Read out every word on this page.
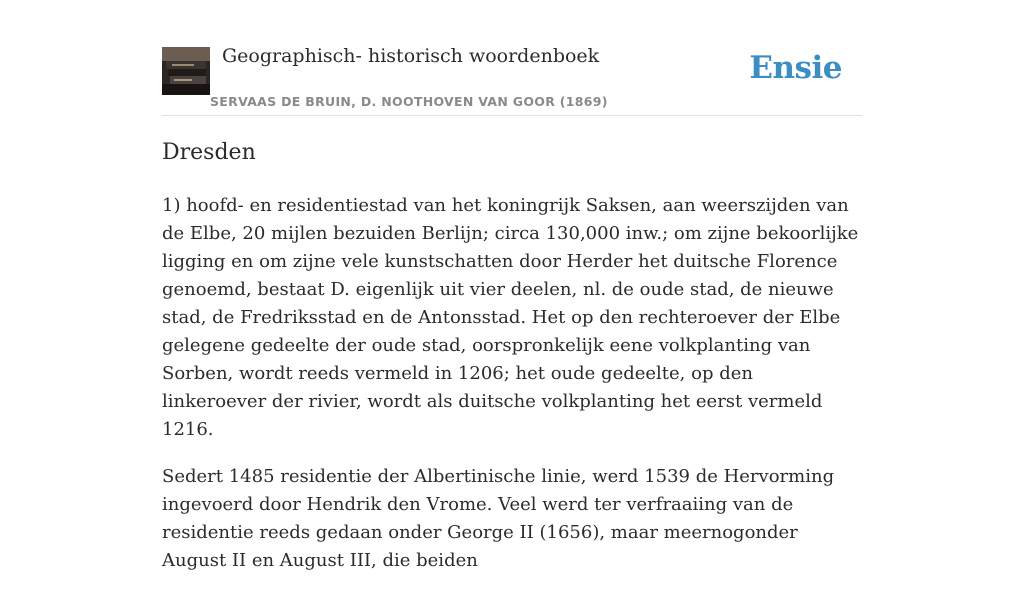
Geographisch- historisch woordenboek
SERVAAS DE BRUIN, D. NOOTHOVEN VAN GOOR (1869)
Ensie
Dresden

1) hoofd- en residentiestad van het koningrijk Saksen, aan weerszijden van de Elbe, 20 mijlen bezuiden Berlijn; circa 130,000 inw.; om zijne bekoorlijke ligging en om zijne vele kunstschatten door Herder het duitsche Florence genoemd, bestaat D. eigenlijk uit vier deelen, nl. de oude stad, de nieuwe stad, de Fredriksstad en de Antonsstad. Het op den rechteroever der Elbe gelegene gedeelte der oude stad, oorspronkelijk eene volkplanting van Sorben, wordt reeds vermeld in 1206; het oude gedeelte, op den linkeroever der rivier, wordt als duitsche volkplanting het eerst vermeld 1216.

Sedert 1485 residentie der Albertinische linie, werd 1539 de Hervorming ingevoerd door Hendrik den Vrome. Veel werd ter verfraaiing van de residentie reeds gedaan onder George II (1656), maar meernogonder August II en August III, die beiden
